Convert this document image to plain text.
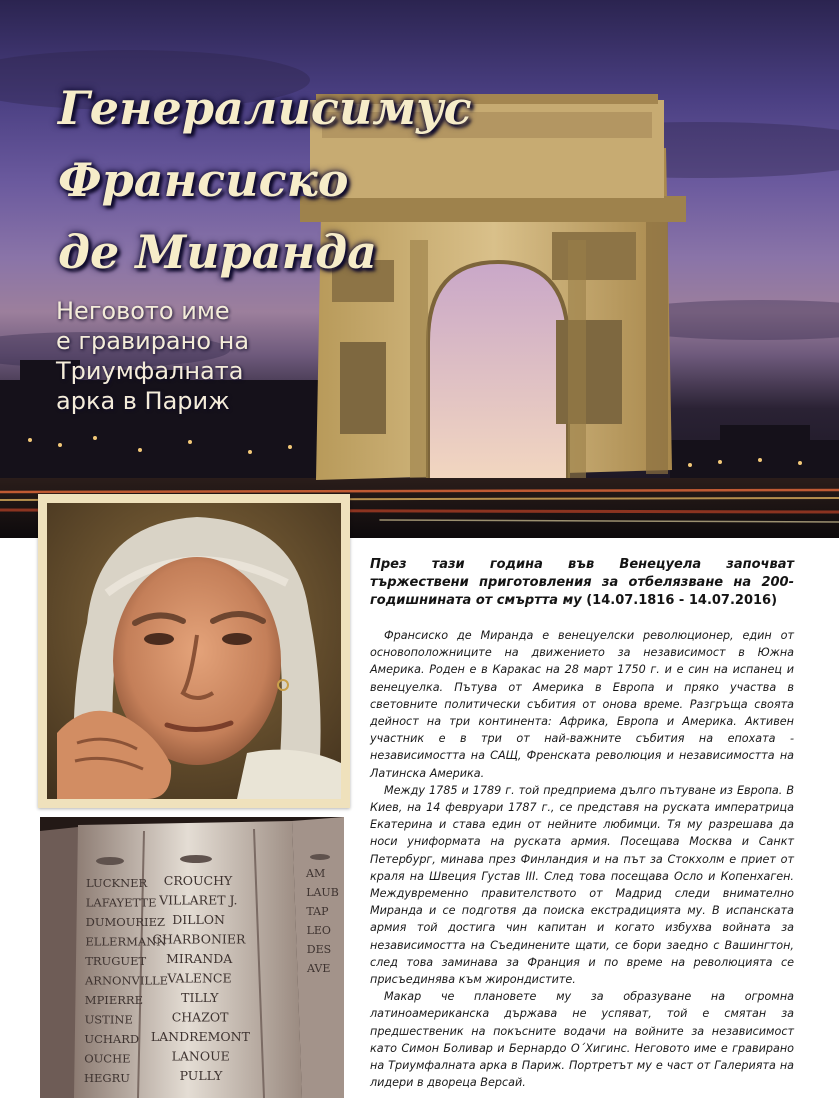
Генералисимус
Франсиско
де Миранда
Неговото име
е гравирано на
Триумфалната
арка в Париж
CROUCHY
VILLARET J.
DILLON
CHARBONIER
MIRANDA
VALENCE
TILLY
CHAZOT
LANDREMONT
LANOUE
PULLY
LUCKNER
LAFAYETTE
DUMOURIEZ
ELLERMANN
TRUGUET
ARNONVILLE
MPIERRE
USTINE
UCHARD
OUCHE
HEGRU
AM
LAUB
TAP
LEO
DES
AVE
През тази година във Венецуела започват тържествени приготовления за отбелязване на 200-годишнината от смъртта му (14.07.1816 - 14.07.2016)

Франсиско де Миранда е венецуелски революционер, един от основоположниците на движението за независимост в Южна Америка. Роден е в Каракас на 28 март 1750 г. и е син на испанец и венецуелка. Пътува от Америка в Европа и пряко участва в световните политически събития от онова време. Разгръща своята дейност на три континента: Африка, Европа и Америка. Активен участник е в три от най-важните събития на епохата - независимостта на САЩ, Френската революция и независимостта на Латинска Америка.

Между 1785 и 1789 г. той предприема дълго пътуване из Европа. В Киев, на 14 февруари 1787 г., се представя на руската императрица Екатерина и става един от нейните любимци. Тя му разрешава да носи униформата на руската армия. Посещава Москва и Санкт Петербург, минава през Финландия и на път за Стокхолм е приет от краля на Швеция Густав III. След това посещава Осло и Копенхаген. Междувременно правителството от Мадрид следи внимателно Миранда и се подготвя да поиска екстрадицията му. В испанската армия той достига чин капитан и когато избухва войната за независимостта на Съединените щати, се бори заедно с Вашингтон, след това заминава за Франция и по време на революцията се присъединява към жирондистите.

Макар че плановете му за образуване на огромна латиноамериканска държава не успяват, той е смятан за предшественик на покъсните водачи на войните за независимост като Симон Боливар и Бернардо О´Хигинс. Неговото име е гравирано на Триумфалната арка в Париж. Портретът му е част от Галерията на лидери в двореца Версай.
